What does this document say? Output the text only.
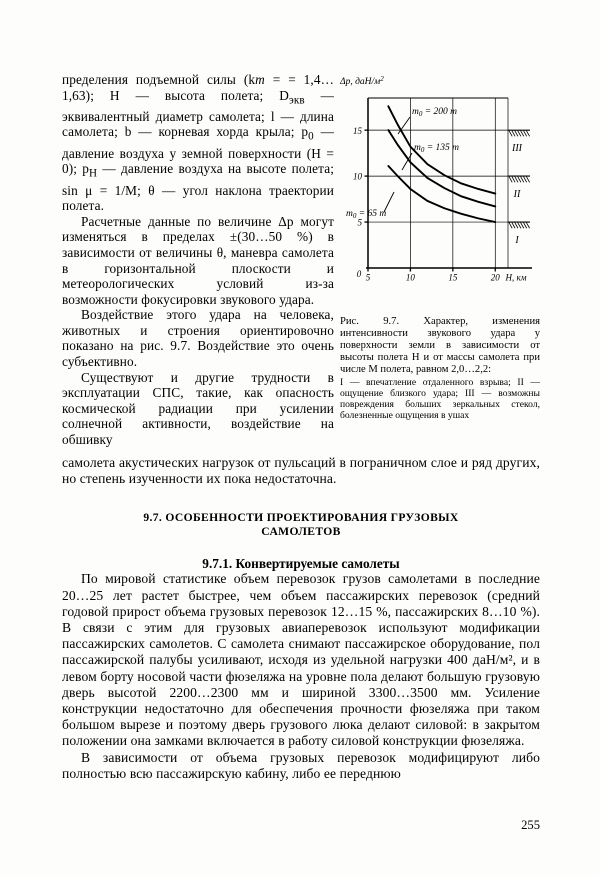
пределения подъемной силы (km = = 1,4…1,63); H — высота полета; $D_{экв}$ — эквивалентный диаметр самолета; l — длина самолета; b — корневая хорда крыла; $p_0$ — давление воздуха у земной поверхности (H = 0); $p_H$ — давление воздуха на высоте полета; sin μ = 1/M; θ — угол наклона траектории полета.

Расчетные данные по величине Δp могут изменяться в пределах ±(30…50 %) в зависимости от величины θ, маневра самолета в горизонтальной плоскости и метеорологических условий из-за возможности фокусировки звукового удара.

Воздействие этого удара на человека, животных и строения ориентировочно показано на рис. 9.7. Воздействие это очень субъективно.

Существуют и другие трудности в эксплуатации СПС, такие, как опасность космической радиации при усилении солнечной активности, воздействие на обшивку

5
10
15
5	10	15	20
0
Δр, даН/$м^2$
H, км
$m_0 = 200$ т
$m_0 = 135$ т
$m_0 = 65$ т
I
II
III
Рис. 9.7. Характер, изменения интенсивности звукового удара у поверхности земли в зависимости от высоты полета H и от массы самолета при числе М полета, равном 2,0…2,2:
I — впечатление отдаленного взрыва; II — ощущение близкого удара; III — возможны повреждения больших зеркальных стекол, болезненные ощущения в ушах

самолета акустических нагрузок от пульсаций в пограничном слое и ряд других, но степень изученности их пока недостаточна.

9.7. ОСОБЕННОСТИ ПРОЕКТИРОВАНИЯ ГРУЗОВЫХ
САМОЛЕТОВ
9.7.1. Конвертируемые самолеты

По мировой статистике объем перевозок грузов самолетами в последние 20…25 лет растет быстрее, чем объем пассажирских перевозок (средний годовой прирост объема грузовых перевозок 12…15 %, пассажирских 8…10 %). В связи с этим для грузовых авиаперевозок используют модификации пассажирских самолетов. С самолета снимают пассажирское оборудование, пол пассажирской палубы усиливают, исходя из удельной нагрузки 400 даН/м², и в левом борту носовой части фюзеляжа на уровне пола делают большую грузовую дверь высотой 2200…2300 мм и шириной 3300…3500 мм. Усиление конструкции недостаточно для обеспечения прочности фюзеляжа при таком большом вырезе и поэтому дверь грузового люка делают силовой: в закрытом положении она замками включается в работу силовой конструкции фюзеляжа.

В зависимости от объема грузовых перевозок модифицируют либо полностью всю пассажирскую кабину, либо ее переднюю

255
